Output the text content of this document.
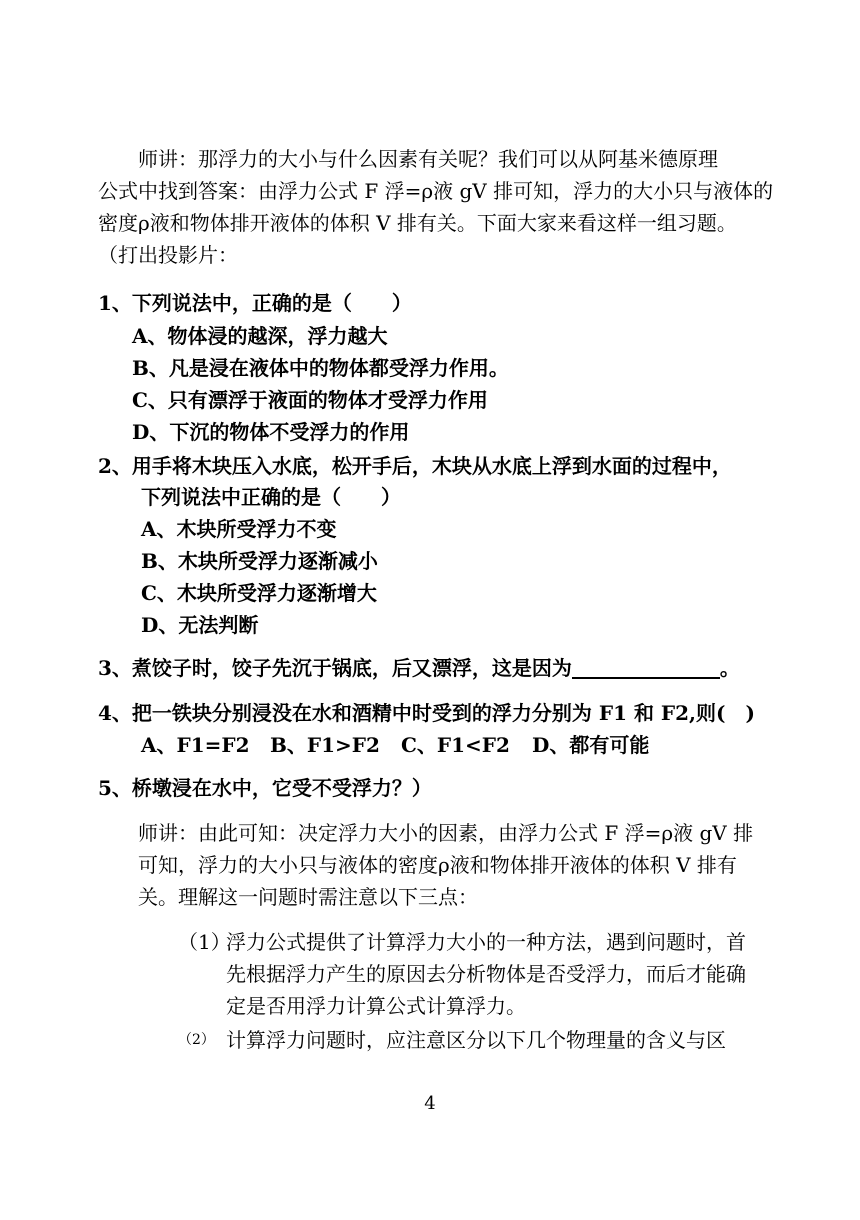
师讲：那浮力的大小与什么因素有关呢？我们可以从阿基米德原理
公式中找到答案：由浮力公式 F 浮=ρ液 gV 排可知，浮力的大小只与液体的
密度ρ液和物体排开液体的体积 V 排有关。下面大家来看这样一组习题。
（打出投影片：
1、下列说法中，正确的是（　　）
A、物体浸的越深，浮力越大
B、凡是浸在液体中的物体都受浮力作用。
C、只有漂浮于液面的物体才受浮力作用
D、下沉的物体不受浮力的作用
2、用手将木块压入水底，松开手后，木块从水底上浮到水面的过程中，
下列说法中正确的是（　　）
A、木块所受浮力不变
B、木块所受浮力逐渐减小
C、木块所受浮力逐渐增大
D、无法判断
3、煮饺子时，饺子先沉于锅底，后又漂浮，这是因为	。
4、把一铁块分别浸没在水和酒精中时受到的浮力分别为 F1 和 F2,则(　)
A、F1=F2 B、F1>F2 C、F1<F2 D、都有可能
5、桥墩浸在水中，它受不受浮力？）
师讲：由此可知：决定浮力大小的因素，由浮力公式 F 浮=ρ液 gV 排
可知，浮力的大小只与液体的密度ρ液和物体排开液体的体积 V 排有
关。理解这一问题时需注意以下三点：
（1）
浮力公式提供了计算浮力大小的一种方法，遇到问题时，首
先根据浮力产生的原因去分析物体是否受浮力，而后才能确
定是否用浮力计算公式计算浮力。
（2） 计算浮力问题时，应注意区分以下几个物理量的含义与区
4
